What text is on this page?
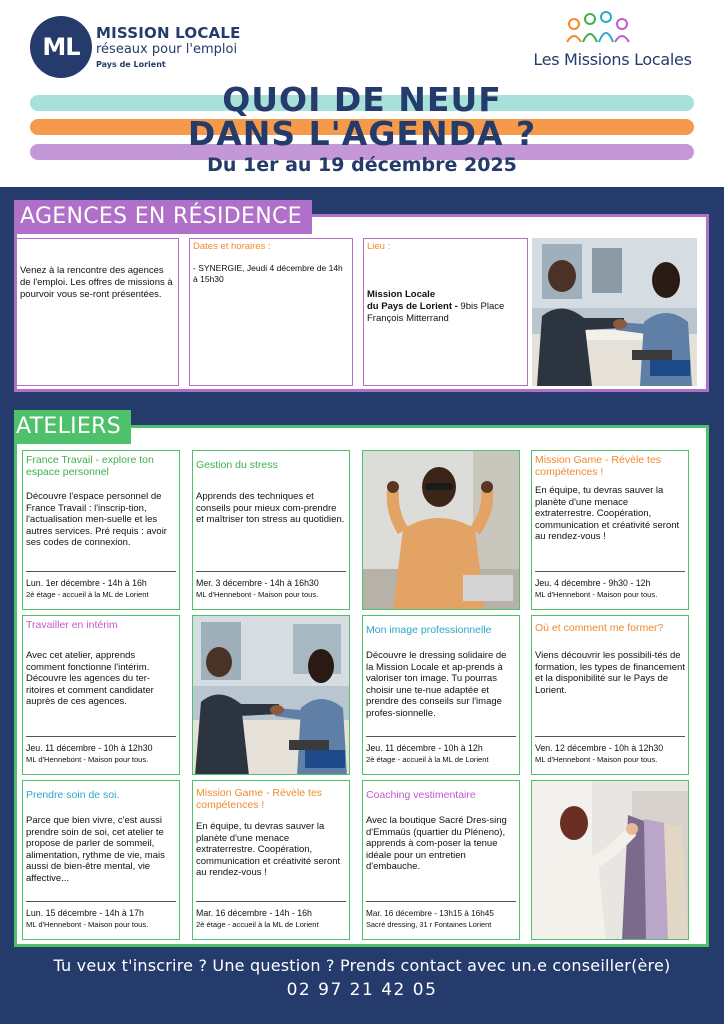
ML MISSION LOCALE
réseaux pour l'emploi
Pays de Lorient	Les Missions Locales
QUOI DE NEUF
DANS L'AGENDA ?
Du 1er au 19 décembre 2025
AGENCES EN RÉSIDENCE
Venez à la rencontre des agences de l'emploi. Les offres de missions à pourvoir vous se-ront présentées.
Dates et horaires :
- SYNERGIE, Jeudi 4 décembre de 14h à 15h30
Lieu :
Mission Locale
du Pays de Lorient - 9bis Place François Mitterrand
ATELIERS
France Travail - explore ton espace personnel
Découvre l'espace personnel de France Travail : l'inscrip-tion, l'actualisation men-suelle et les autres services. Pré requis : avoir ses codes de connexion.
Lun. 1er décembre - 14h à 16h
2è étage - accueil à la ML de Lorient
Gestion du stress
Apprends des techniques et conseils pour mieux com-prendre et maîtriser ton stress au quotidien.
Mer. 3 décembre - 14h à 16h30
ML d'Hennebont - Maison pour tous.
Mission Game - Révèle tes compétences !
En équipe, tu devras sauver la planète d'une menace extraterrestre. Coopération, communication et créativité seront au rendez-vous !
Jeu. 4 décembre - 9h30 - 12h
ML d'Hennebont - Maison pour tous.
Travailler en intérim
Avec cet atelier, apprends comment fonctionne l'intérim. Découvre les agences du ter-ritoires et comment candidater auprès de ces agences.
Jeu. 11 décembre - 10h à 12h30
ML d'Hennebont - Maison pour tous.
Mon image professionnelle
Découvre le dressing solidaire de la Mission Locale et ap-prends à valoriser ton image. Tu pourras choisir une te-nue adaptée et prendre des conseils sur l'image profes-sionnelle.
Jeu. 11 décembre - 10h à 12h
2è étage - accueil à la ML de Lorient
Où et comment me former?
Viens découvrir les possibili-tés de formation, les types de financement et la disponibilité sur le Pays de Lorient.
Ven. 12 décembre - 10h à 12h30
ML d'Hennebont - Maison pour tous.
Prendre soin de soi.
Parce que bien vivre, c'est aussi prendre soin de soi, cet atelier te propose de parler de sommeil, alimentation, rythme de vie, mais aussi de bien-être mental, vie affective...
Lun. 15 décembre - 14h à 17h
ML d'Hennebont - Maison pour tous.
Mission Game - Révèle tes compétences !
En équipe, tu devras sauver la planète d'une menace extraterrestre. Coopération, communication et créativité seront au rendez-vous !
Mar. 16 décembre - 14h - 16h
2è étage - accueil à la ML de Lorient
Coaching vestimentaire
Avec la boutique Sacré Dres-sing d'Emmaüs (quartier du Pléneno), apprends à com-poser la tenue idéale pour un entretien d'embauche.
Mar. 16 décembre - 13h15 à 16h45
Sacré dressing, 31 r Fontaines Lorient
Tu veux t'inscrire ? Une question ? Prends contact avec un.e conseiller(ère)
02 97 21 42 05
